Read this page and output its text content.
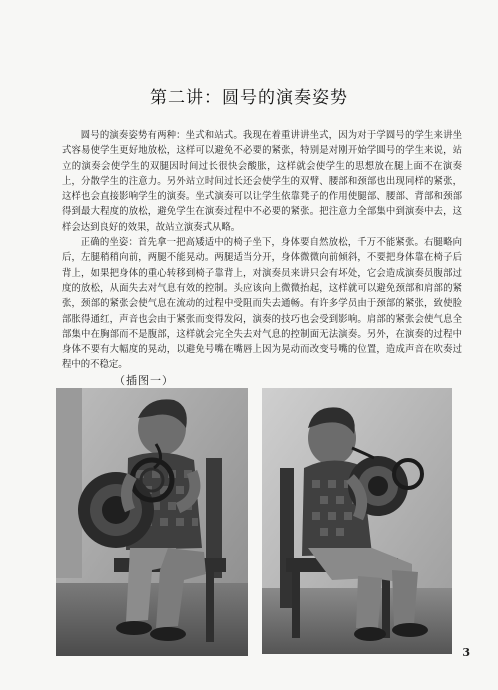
第二讲：圆号的演奏姿势

圆号的演奏姿势有两种：坐式和站式。我现在着重讲讲坐式，因为对于学圆号的学生来讲坐式容易使学生更好地放松，这样可以避免不必要的紧张，特别是对刚开始学圆号的学生来说，站立的演奏会使学生的双腿因时间过长很快会酸胀，这样就会使学生的思想放在腿上面不在演奏上，分散学生的注意力。另外站立时间过长还会使学生的双臂、腰部和颈部也出现同样的紧张，这样也会直接影响学生的演奏。坐式演奏可以让学生依靠凳子的作用使腿部、腰部、背部和颈部得到最大程度的放松，避免学生在演奏过程中不必要的紧张。把注意力全部集中到演奏中去，这样会达到良好的效果，故站立演奏式从略。

正确的坐姿：首先拿一把高矮适中的椅子坐下，身体要自然放松，千万不能紧张。右腿略向后，左腿稍稍向前，两腿不能晃动。两腿适当分开，身体微微向前倾斜，不要把身体靠在椅子后背上，如果把身体的重心转移到椅子靠背上，对演奏员来讲只会有坏处，它会造成演奏员腹部过度的放松，从面失去对气息有效的控制。头应该向上微微抬起，这样就可以避免颈部和肩部的紧张，颈部的紧张会使气息在流动的过程中受阻而失去通畅。有许多学员由于颈部的紧张，致使脸部胀得通红，声音也会由于紧张而变得发闷，演奏的技巧也会受到影响。肩部的紧张会使气息全部集中在胸部而不是腹部，这样就会完全失去对气息的控制面无法演奏。另外，在演奏的过程中身体不要有大幅度的晃动，以避免号嘴在嘴唇上因为晃动而改变号嘴的位置，造成声音在吹奏过程中的不稳定。

（插图一）
3
